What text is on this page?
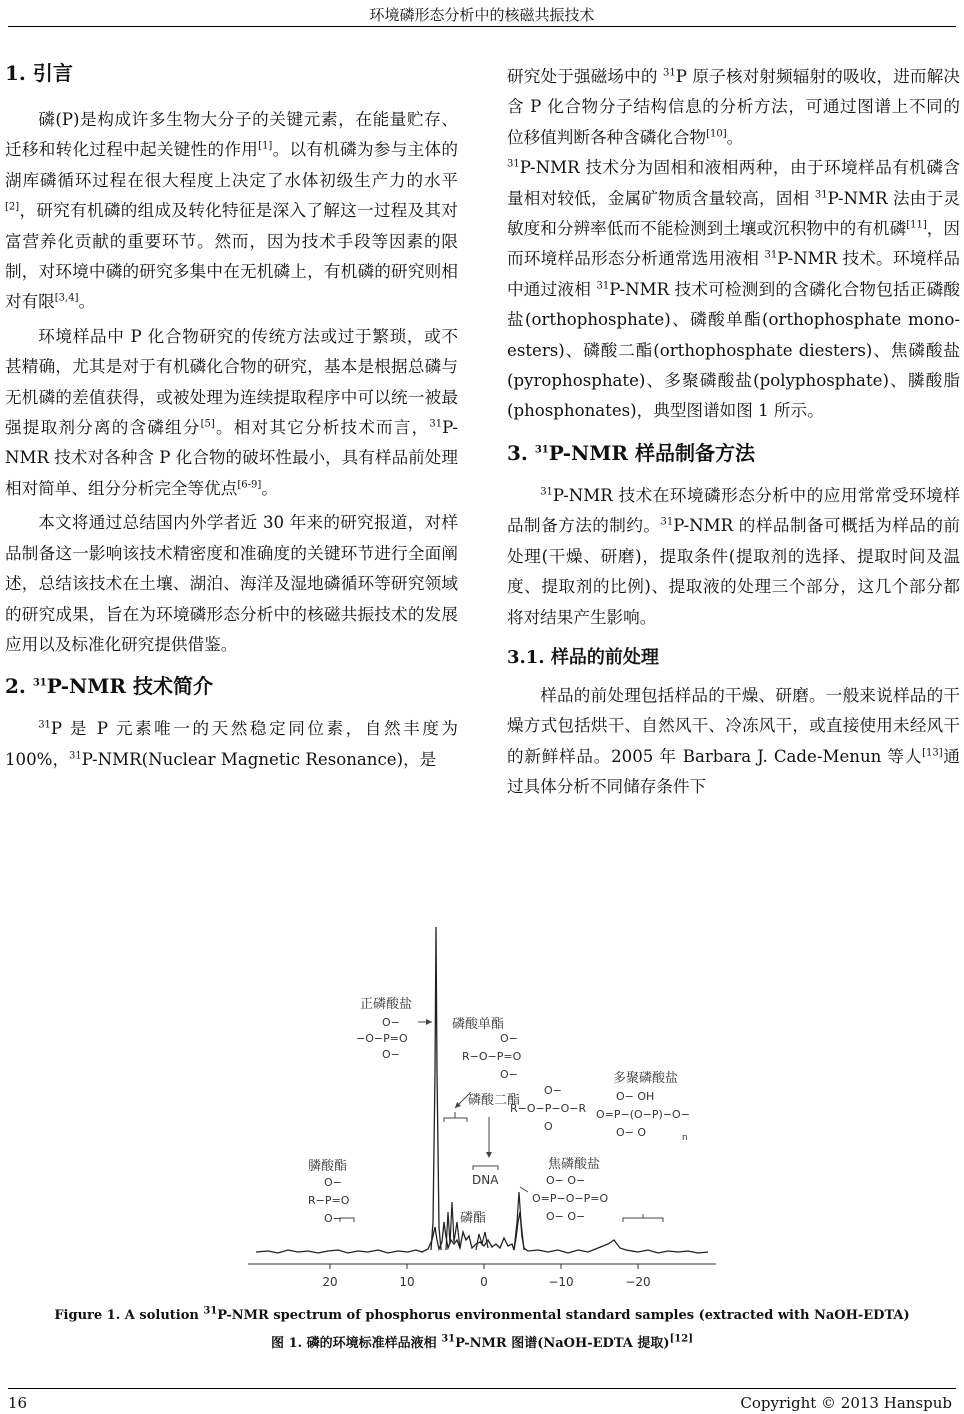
环境磷形态分析中的核磁共振技术
1. 引言

磷(P)是构成许多生物大分子的关键元素，在能量贮存、迁移和转化过程中起关键性的作用[1]。以有机磷为参与主体的湖库磷循环过程在很大程度上决定了水体初级生产力的水平[2]，研究有机磷的组成及转化特征是深入了解这一过程及其对富营养化贡献的重要环节。然而，因为技术手段等因素的限制，对环境中磷的研究多集中在无机磷上，有机磷的研究则相对有限[3,4]。

环境样品中 P 化合物研究的传统方法或过于繁琐，或不甚精确，尤其是对于有机磷化合物的研究，基本是根据总磷与无机磷的差值获得，或被处理为连续提取程序中可以统一被最强提取剂分离的含磷组分[5]。相对其它分析技术而言，$^{31}$P-NMR 技术对各种含 P 化合物的破坏性最小，具有样品前处理相对简单、组分分析完全等优点[6-9]。

本文将通过总结国内外学者近 30 年来的研究报道，对样品制备这一影响该技术精密度和准确度的关键环节进行全面阐述，总结该技术在土壤、湖泊、海洋及湿地磷循环等研究领域的研究成果，旨在为环境磷形态分析中的核磁共振技术的发展应用以及标准化研究提供借鉴。

2. $^{31}$P-NMR 技术简介

$^{31}$P 是 P 元素唯一的天然稳定同位素，自然丰度为 100%，$^{31}$P-NMR(Nuclear Magnetic Resonance)，是

研究处于强磁场中的 $^{31}$P 原子核对射频辐射的吸收，进而解决含 P 化合物分子结构信息的分析方法，可通过图谱上不同的位移值判断各种含磷化合物[10]。

$^{31}$P-NMR 技术分为固相和液相两种，由于环境样品有机磷含量相对较低，金属矿物质含量较高，固相 $^{31}$P-NMR 法由于灵敏度和分辨率低而不能检测到土壤或沉积物中的有机磷[11]，因而环境样品形态分析通常选用液相 $^{31}$P-NMR 技术。环境样品中通过液相 $^{31}$P-NMR 技术可检测到的含磷化合物包括正磷酸盐(orthophosphate)、磷酸单酯(orthophosphate mono-esters)、磷酸二酯(orthophosphate diesters)、焦磷酸盐(pyrophosphate)、多聚磷酸盐(polyphosphate)、膦酸脂(phosphonates)，典型图谱如图 1 所示。

3. $^{31}$P-NMR 样品制备方法

$^{31}$P-NMR 技术在环境磷形态分析中的应用常常受环境样品制备方法的制约。$^{31}$P-NMR 的样品制备可概括为样品的前处理(干燥、研磨)，提取条件(提取剂的选择、提取时间及温度、提取剂的比例)、提取液的处理三个部分，这几个部分都将对结果产生影响。

3.1. 样品的前处理

样品的前处理包括样品的干燥、研磨。一般来说样品的干燥方式包括烘干、自然风干、冷冻风干，或直接使用未经风干的新鲜样品。2005 年 Barbara J. Cade-Menun 等人[13]通过具体分析不同储存条件下

正磷酸盐
O−
−O−P=O
O−
磷酸单酯
O−
R−O−P=O
O−
磷酸二酯
O−
R−O−P−O−R
O
多聚磷酸盐
O− OH
O=P−(O−P)−O−
O− O	n
膦酸酯
O−
R−P=O
O−
焦磷酸盐
O− O−
O=P−O−P=O
O− O−
DNA
磷酯
20	10	0	−10	−20
Figure 1. A solution $^{31}$P-NMR spectrum of phosphorus environmental standard samples (extracted with NaOH-EDTA)
图 1. 磷的环境标准样品液相 $^{31}$P-NMR 图谱(NaOH-EDTA 提取)[12]
16	Copyright © 2013 Hanspub
